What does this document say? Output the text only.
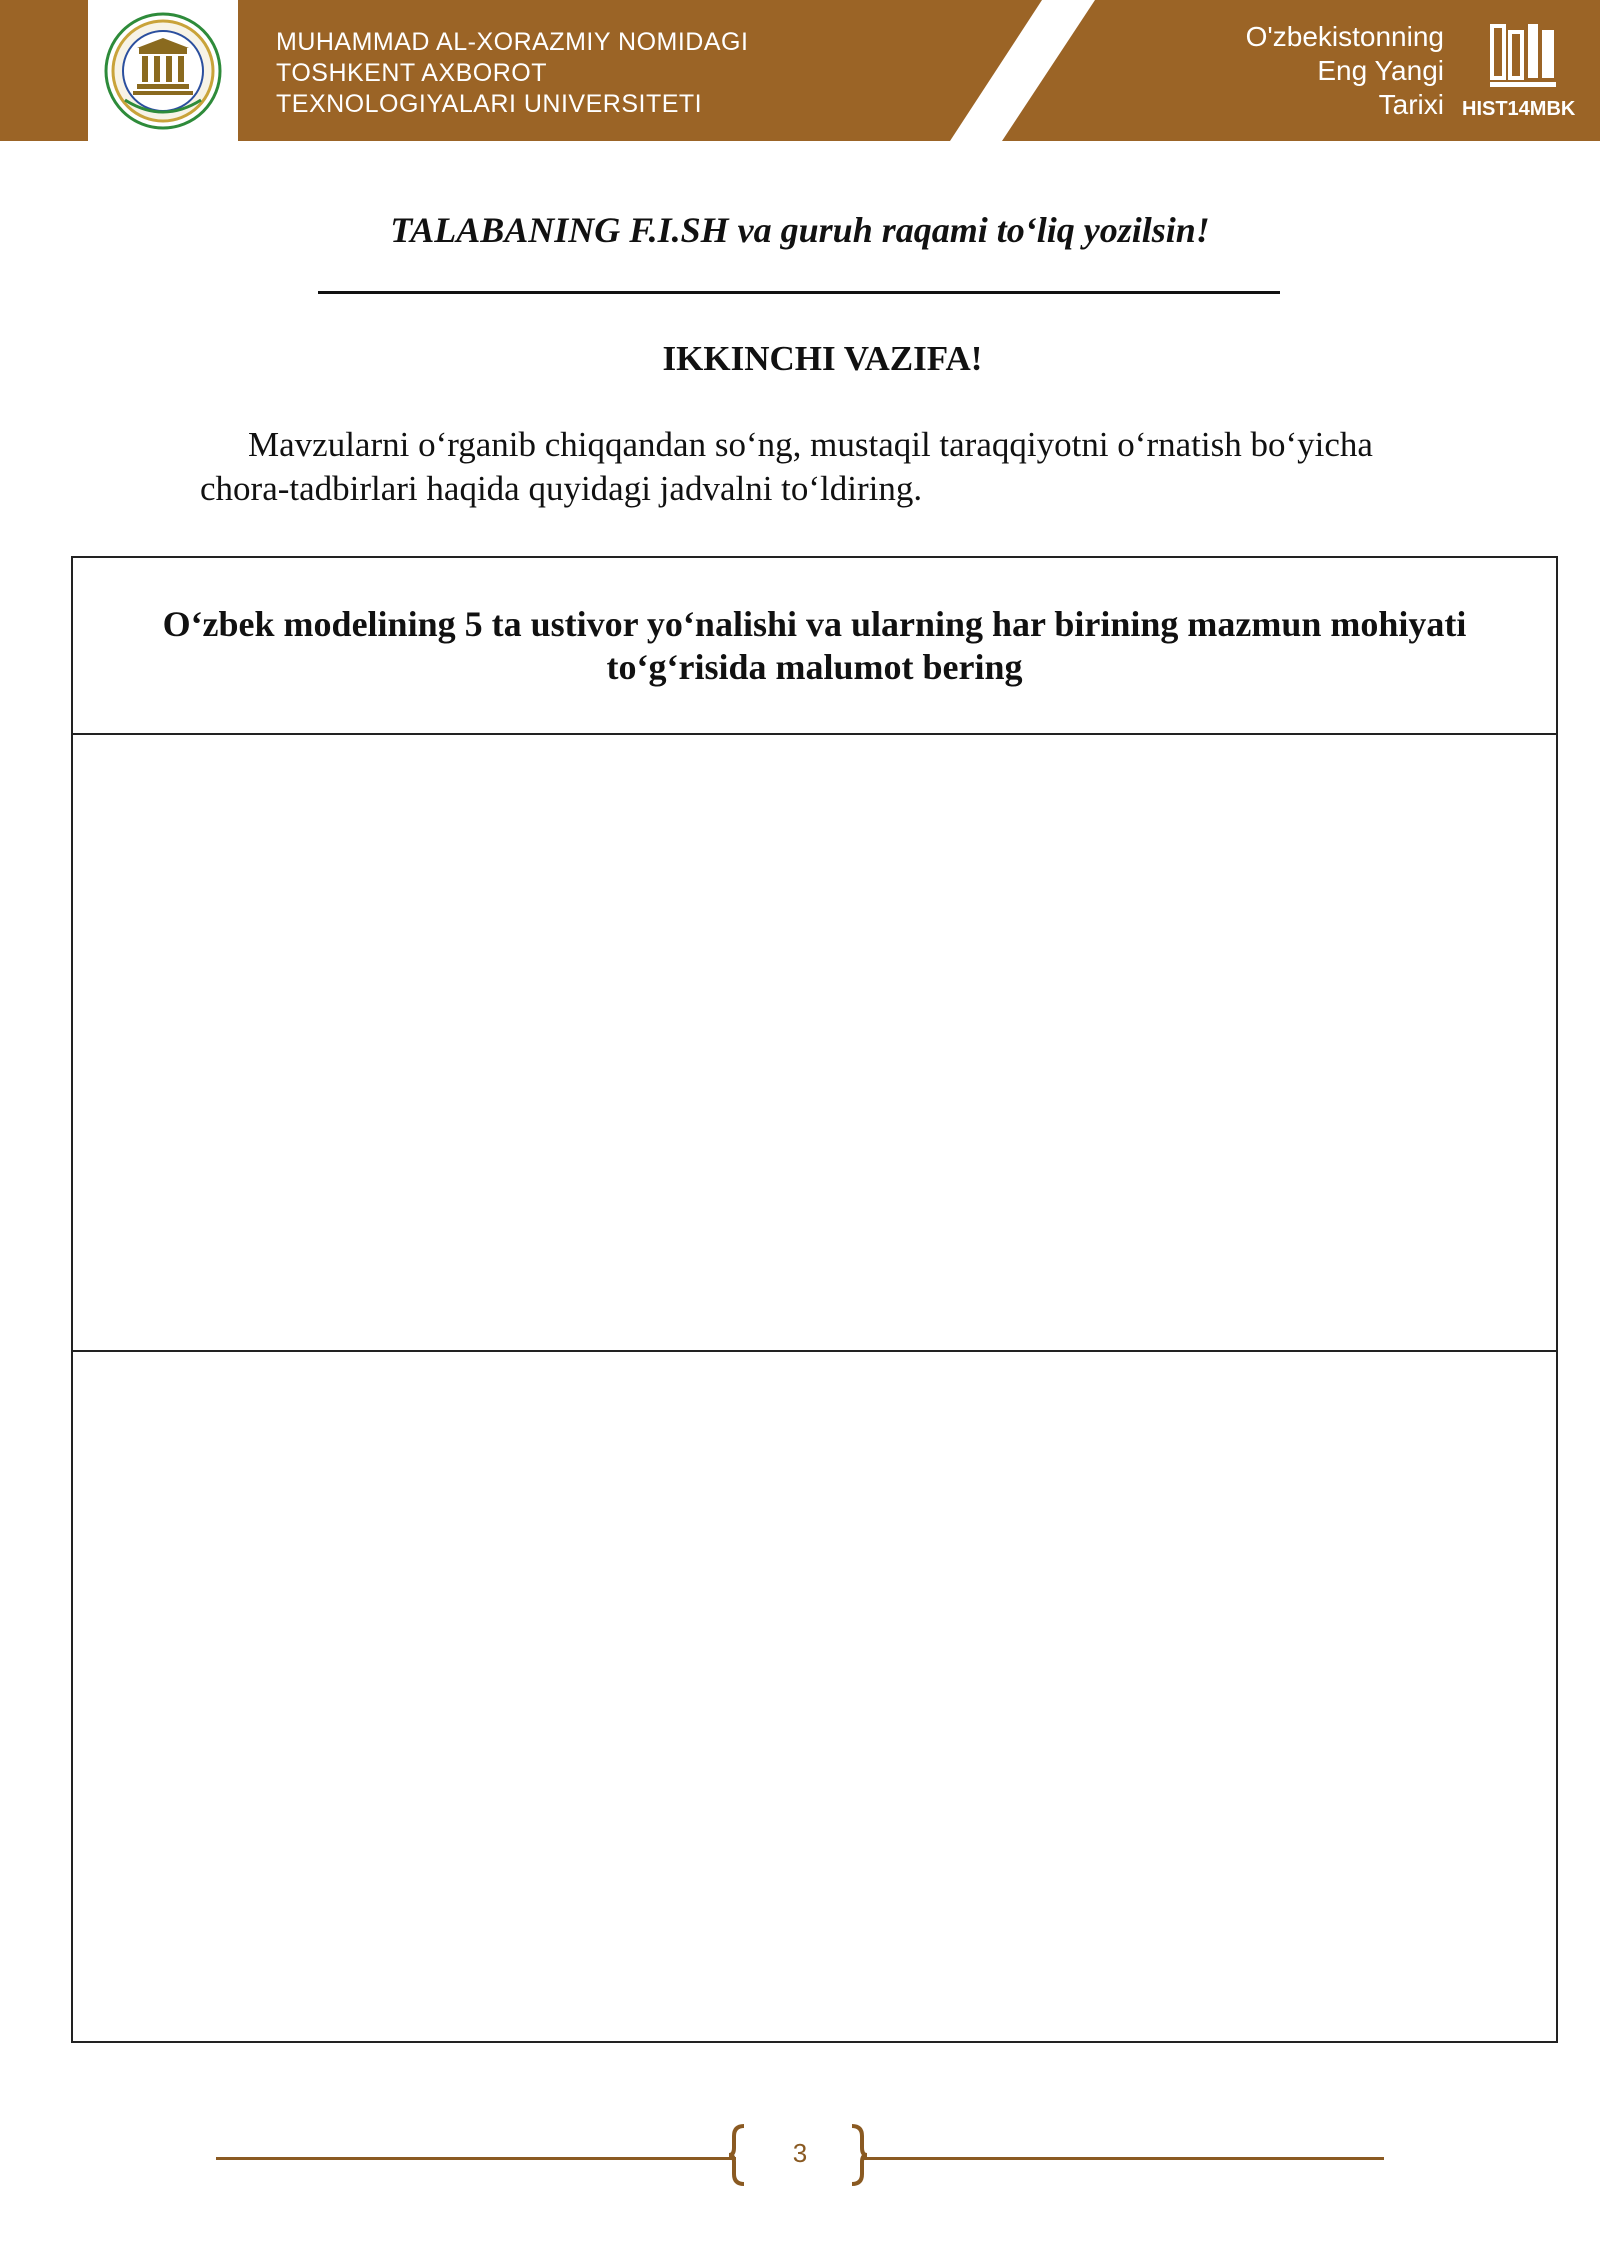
MUHAMMAD AL-XORAZMIY NOMIDAGI
TOSHKENT AXBOROT
TEXNOLOGIYALARI UNIVERSITETI
O'zbekistonning
Eng Yangi
Tarixi HIST14MBK
TALABANING F.I.SH va guruh raqami to‘liq yozilsin!
IKKINCHI VAZIFA!
Mavzularni o‘rganib chiqqandan so‘ng, mustaqil taraqqiyotni o‘rnatish bo‘yicha chora-tadbirlari haqida quyidagi jadvalni to‘ldiring.
O‘zbek modelining 5 ta ustivor yo‘nalishi va ularning har birining mazmun mohiyati to‘g‘risida malumot bering
3
